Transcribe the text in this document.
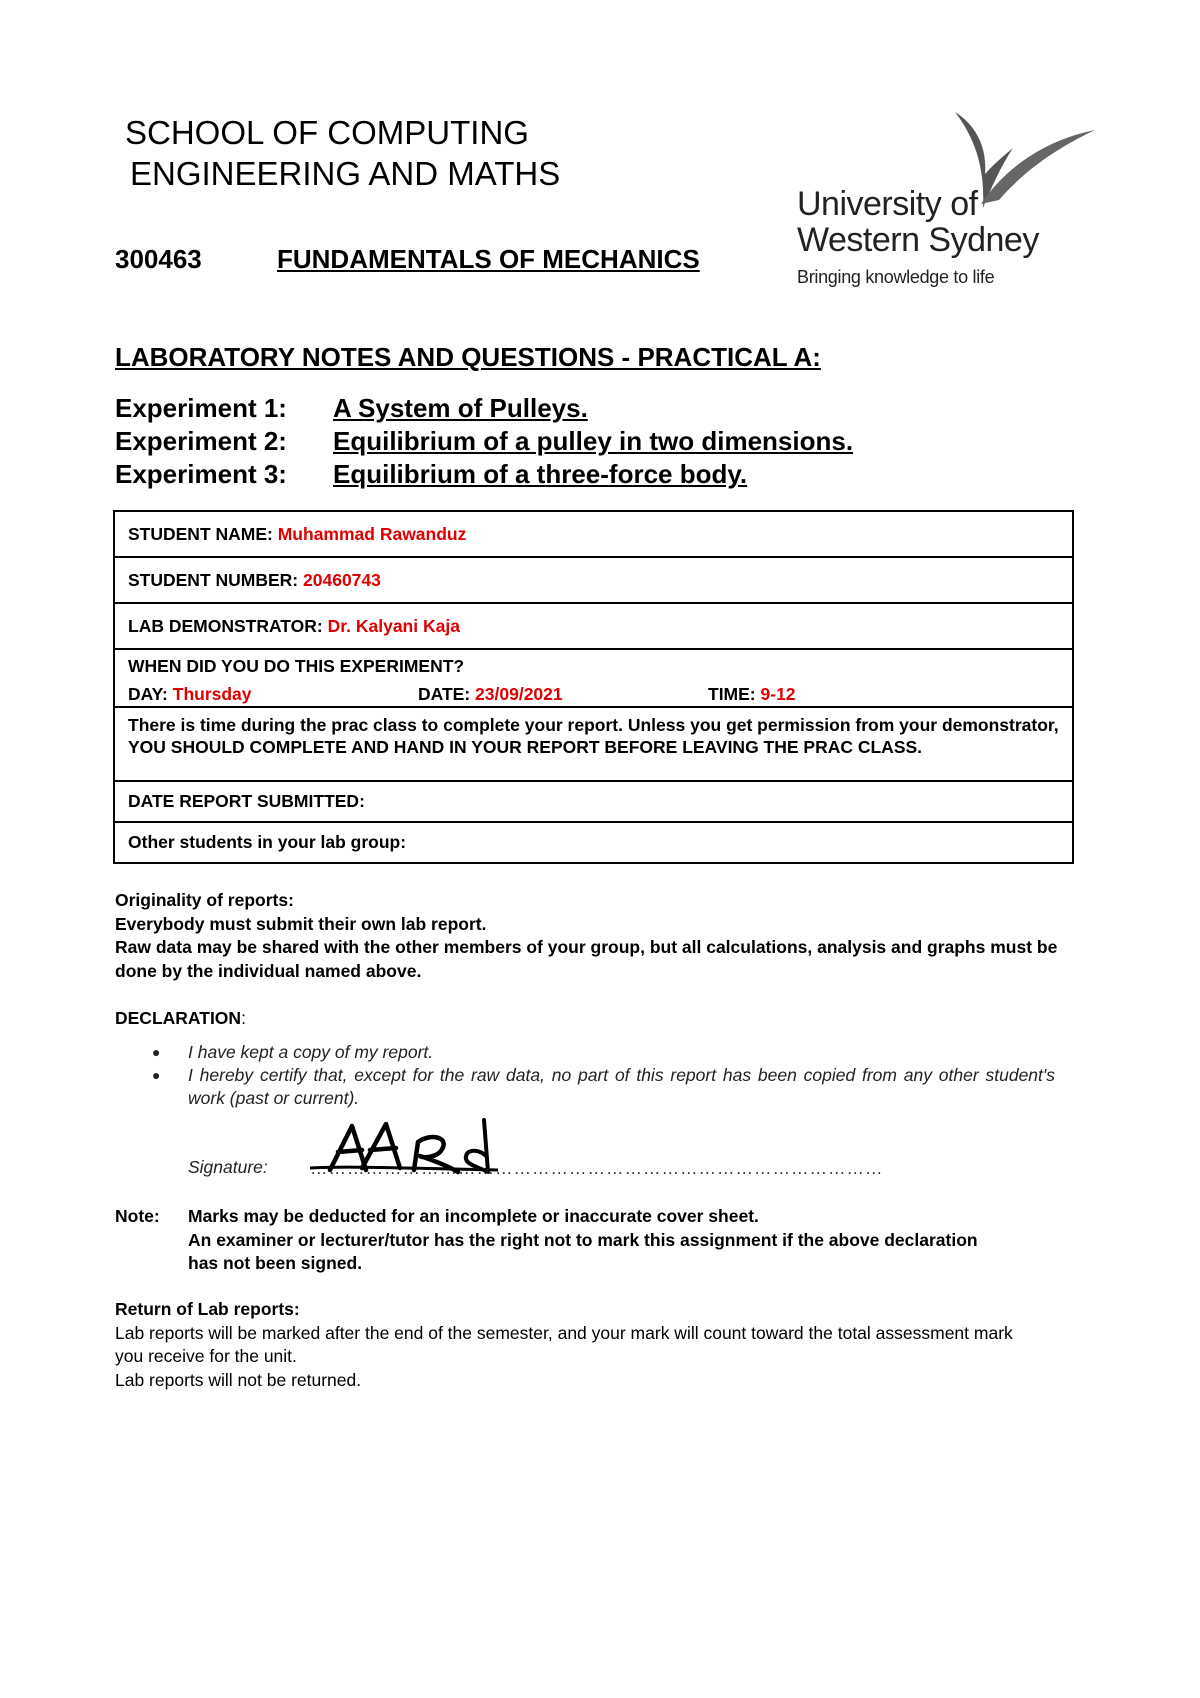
SCHOOL OF COMPUTING
ENGINEERING AND MATHS
300463	FUNDAMENTALS OF MECHANICS
University of
Western Sydney
Bringing knowledge to life
LABORATORY NOTES AND QUESTIONS - PRACTICAL A:
Experiment 1: A System of Pulleys.
Experiment 2: Equilibrium of a pulley in two dimensions.
Experiment 3: Equilibrium of a three-force body.
STUDENT NAME:
Muhammad Rawanduz
STUDENT NUMBER:
20460743
LAB DEMONSTRATOR:
Dr. Kalyani Kaja
WHEN DID YOU DO THIS EXPERIMENT?
DAY: Thursday	DATE: 23/09/2021	TIME: 9-12
There is time during the prac class to complete your report. Unless you get permission from your demonstrator, YOU SHOULD COMPLETE AND HAND IN YOUR REPORT BEFORE LEAVING THE PRAC CLASS.
DATE REPORT SUBMITTED:
Other students in your lab group:
Originality of reports:
Everybody must submit their own lab report.
Raw data may be shared with the other members of your group, but all calculations, analysis and graphs must be done by the individual named above.
DECLARATION:
●	I have kept a copy of my report.
●	I hereby certify that, except for the raw data, no part of this report has been copied from any other student's work (past or current).
Signature: …………………………………………………………………………………
Note: Marks may be deducted for an incomplete or inaccurate cover sheet.
An examiner or lecturer/tutor has the right not to mark this assignment if the above declaration has not been signed.
Return of Lab reports:
Lab reports will be marked after the end of the semester, and your mark will count toward the total assessment mark you receive for the unit.
Lab reports will not be returned.
